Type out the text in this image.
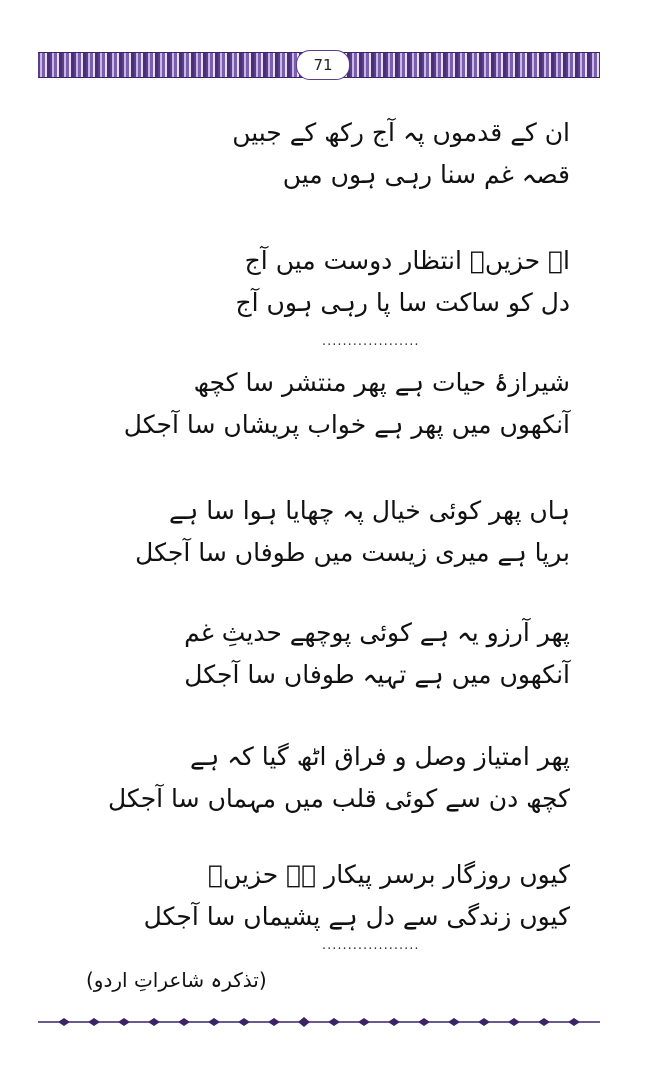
71
ان کے قدموں پہ آج رکھ کے جبیں
قصہ غم سنا رہی ہوں میں
اے حزیںؔ انتظار دوست میں آج
دل کو ساکت سا پا رہی ہوں آج
شیرازۂ حیات ہے پھر منتشر سا کچھ
آنکھوں میں پھر ہے خواب پریشاں سا آجکل
ہاں پھر کوئی خیال پہ چھایا ہوا سا ہے
برپا ہے میری زیست میں طوفاں سا آجکل
پھر آرزو یہ ہے کوئی پوچھے حدیثِ غم
آنکھوں میں ہے تہیہ طوفاں سا آجکل
پھر امتیاز وصل و فراق اٹھ گیا کہ ہے
کچھ دن سے کوئی قلب میں مہماں سا آجکل
کیوں روزگار برسر پیکار ہے حزیںؔ
کیوں زندگی سے دل ہے پشیماں سا آجکل
...................
...................
(تذکرہ شاعراتِ اردو)
